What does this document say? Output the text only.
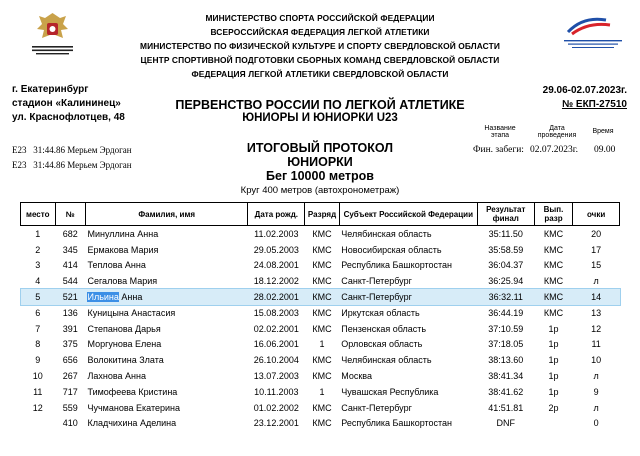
МИНИСТЕРСТВО СПОРТА РОССИЙСКОЙ ФЕДЕРАЦИИ
ВСЕРОССИЙСКАЯ ФЕДЕРАЦИЯ ЛЕГКОЙ АТЛЕТИКИ
МИНИСТЕРСТВО ПО ФИЗИЧЕСКОЙ КУЛЬТУРЕ И СПОРТУ СВЕРДЛОВСКОЙ ОБЛАСТИ
ЦЕНТР СПОРТИВНОЙ ПОДГОТОВКИ СБОРНЫХ КОМАНД СВЕРДЛОВСКОЙ ОБЛАСТИ
ФЕДЕРАЦИЯ ЛЕГКОЙ АТЛЕТИКИ СВЕРДЛОВСКОЙ ОБЛАСТИ
г. Екатеринбург
стадион «Калининец»
ул. Краснофлотцев, 48
29.06-02.07.2023г.
№ ЕКП-27510
ПЕРВЕНСТВО РОССИИ ПО ЛЕГКОЙ АТЛЕТИКЕ
ЮНИОРЫ И ЮНИОРКИ U23
Название этапа
Дата проведения
Время
Фин. забеги: 02.07.2023г. 09.00
E23   31:44.86 Мерьем Эрдоган
E23   31:44.86 Мерьем Эрдоган
ИТОГОВЫЙ ПРОТОКОЛ
ЮНИОРКИ
Бег 10000 метров
Круг 400 метров (автохронометраж)
место	№	Фамилия, имя	Дата рожд.	Разряд	Субъект Российской Федерации	Результат финал	Вып. разр	очки
1	682	Минуллина Анна	11.02.2003	КМС	Челябинская область	35:11.50	КМС	20
2	345	Ермакова Мария	29.05.2003	КМС	Новосибирская область	35:58.59	КМС	17
3	414	Теплова Анна	24.08.2001	КМС	Республика Башкортостан	36:04.37	КМС	15
4	544	Сегалова Мария	18.12.2002	КМС	Санкт-Петербург	36:25.94	КМС	л
5	521	Ильина Анна	28.02.2001	КМС	Санкт-Петербург	36:32.11	КМС	14
6	136	Куницына Анастасия	15.08.2003	КМС	Иркутская область	36:44.19	КМС	13
7	391	Степанова Дарья	02.02.2001	КМС	Пензенская область	37:10.59	1р	12
8	375	Моргунова Елена	16.06.2001	1	Орловская область	37:18.05	1р	11
9	656	Волокитина Злата	26.10.2004	КМС	Челябинская область	38:13.60	1р	10
10	267	Лахнова Анна	13.07.2003	КМС	Москва	38:41.34	1р	л
11	717	Тимофеева Кристина	10.11.2003	1	Чувашская Республика	38:41.62	1р	9
12	559	Чучманова Екатерина	01.02.2002	КМС	Санкт-Петербург	41:51.81	2р	л
	410	Кладчихина Аделина	23.12.2001	КМС	Республика Башкортостан	DNF		0
